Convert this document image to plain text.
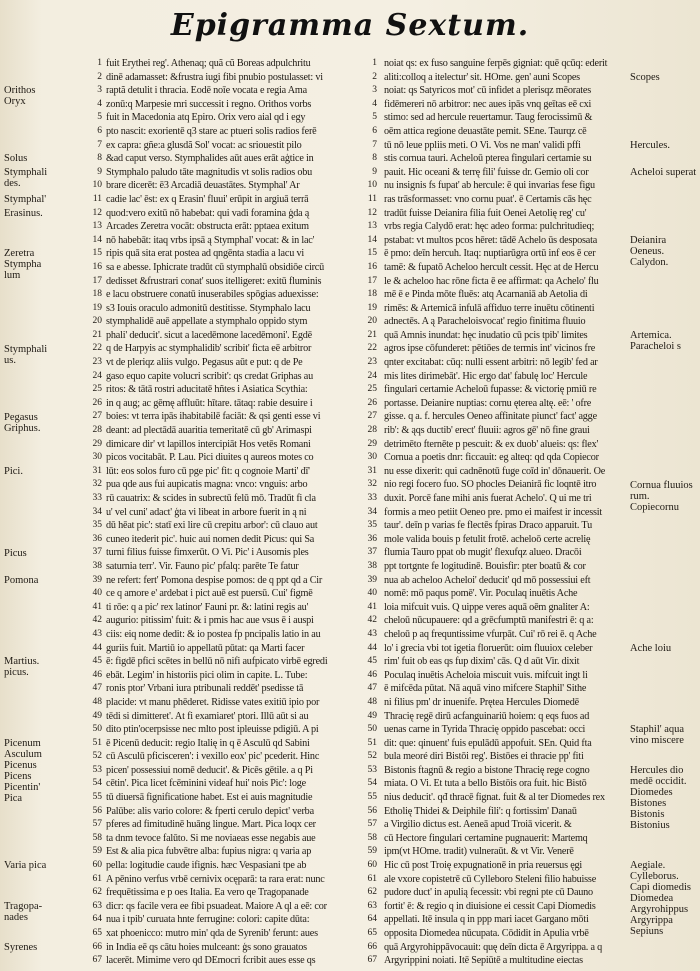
Epigramma Sextum.
Orithos
Oryx
Solus
Stymphali
des.
Stymphal'
Erasinus.
Zeretra
Stympha
lum
Stymphali
us.
Pegasus
Griphus.
Pici.
Picus
Pomona
Martius.
picus.
Picenum
Asculum
Picenus
Picens
Picentin'
Pica
Varia pica
Tragopa-
nades
Syrenes
1
2
3
4
5
6
7
8
9
10
11
12
13
14
15
16
17
18
19
20
21
22
23
24
25
26
27
28
29
30
31
32
33
34
35
36
37
38
39
40
41
42
43
44
45
46
47
48
49
50
51
52
53
54
55
56
57
58
59
60
61
62
63
64
65
66
67
fuit Erythei reg'. Athenaq; quã cũ Boreas adpulchritu
dinē adamasset: &frustra iugi fibi pnubio postulasset: vi
raptã detulit i thracia. Eodē noīe vocata e regia Ama
zonū:q Marpesie mri successit i regno. Orithos vorbs
fuit in Macedonia atq Epiro. Orix vero aial qd i egy
pto nascit: exorientē q3 stare ac ptueri solis radios ferē
ex capra: gñe:a glusdã Sol' vocat: ac sriouestit pilo
&ad caput verso. Stymphalides aūt aues erāt aģtice in
Stymphalo paludo tāte magnitudis vt solis radios obu
brare dicerēt: ē3 Arcadiā deuastātes. Stymphal' Ar
cadie lac' ēst: ex q Erasin' fluui' erūpit in argiuā terrā
quod:vero exitū nō habebat: qui vadi foramina ģda ą
Arcades Zeretra vocāt: obstructa erāt: pptaea exitum
nō habebāt: itaq vrbs ipsā ą Stymphal' vocat: & in lac'
ripis quā sita erat postea ad qngēnta stadia a lacu vi
sa e abesse. Iphicrate tradūt cū stymphalū obsidiōe circū
dedisset &frustrari conat' suos itelligeret: exitū fluminis
e lacu obstruere conatū inuserabiles spōgias aduexisse:
s3 Iouis oraculo admonitū destitisse. Stymphalo lacu
stymphalidē auē appellate a stymphalo oppido stym
phali' deducit'. sicut a lacedēmone lacedēmoni'. Egdē
q de Harpyis ac stymphalidib' scribit' ficta eē arbitror
vt de pleriqz aliis vulgo. Pegasus aūt e put: q de Pe
gaso equo capite volucri scribit': qs credat Griphas au
ritos: & tātā rostri aducitatē hñtes i Asiatica Scythia:
in q aug; ac gēmę affluūt: hītare. tātaq: rabie desuire i
boies: vt terra ipās ihabitabilē faciāt: & qsi genti esse vi
deant: ad plectādā auaritia temeritatē cū gb' Arimaspi
dimicare dir' vt lapillos intercipiāt Hos vetēs Romani
picos vocitabāt. P. Lau. Pici diuites q aureos motes co
lūt: eos solos furo cū pge pic' fit: q cognoie Marti' dī'
pua qde aus fui aupicatis magna: vnco: vnguis: arbo
rū cauatrix: & scides in subrectū felū mō. Tradūt fi cla
u' vel cuni' adact' ģta vi libeat in arbore fuerit in ą ni
dū hēat pic': statī exi lire cū crepitu arbor': cū clauo aut
cuneo itederit pic'. huic aui nomen dedit Picus: qui Sa
turni filius fuisse fimxerūt. O Vi. Pic' i Ausomis ples
saturnia terr'. Vir. Fauno pic' pfalq: parēte Te fatur
ne refert: fert' Pomona despise pomos: de q ppt qd a Cir
ce q amore e' ardebat i pict auē est puersū. Cui' figmē
ti rōe: q a pic' rex latinor' Fauni pr. &: latini regis au'
augurio: pitissim' fuit: & i pmis hac aue vsus ē i auspi
ciis: eiq nome dedit: & io postea fp pncipalis latio in au
guriis fuit. Martiū io appellatū pūtat: qa Marti facer
ē: figdē pfici scētes in bellū nō nifi aufpicato virbē egredi
ebāt. Legim' in historiis pici olim in capite. L. Tube:
ronis ptor' Vrbani iura ptribunali reddēt' psedisse tā
placide: vt manu phēderet. Ridisse vates exitiū ipio por
tēdi si dimitteret'. At fi examiaret' ptori. Illū aūt si au
dito ptin'ocerpsisse nec mlto post ipleuisse pdigiū. A pi
ē Picenū deducit: regio Italię in q ē Asculū qd Sabini
cū Asculū pficisceren': i vexillo eox' pic' pcederit. Hinc
picen' possessiui nomē deducit'. & Picēs gētile. a q Pi
cētin'. Pica licet fcēminini videaf hui' nois Pic': loge
tū diuersā fignificatione habet. Est ei auis magnitudie
Palūbe: alis vario colore: & fperti cerulo depict' verba
pferes ad fimitudinē huāng lingue. Mart. Pica loqx cer
ta dnm tevoce falūto. Si me noviaeas esse negabis aue
Est & alia pica fubvētre alba: fupius nigra: q varia ap
pella: logitudie caude ifignis. hæc Vespasiani tpe ab
A pēnino verfus vrbē cernivix ocęparā: ta rara erat: nunc
frequētissima e p oes Italia. Ea vero qe Tragopanade
dicr: qs facile vera ee fibi psuadeat. Maiore A ql a eē: cor
nua i tpib' curuata hnte ferrugine: colori: capite dūta:
xat phoenicco: mutro min' qda de Syrenib' ferunt: aues
in India eē qs cātu hoies mulceant: ģs sono grauatos
lacerēt. Mimime vero qd DEmocri fcribit aues esse qs
1
2
3
4
5
6
7
8
9
10
11
12
13
14
15
16
17
18
19
20
21
22
23
24
25
26
27
28
29
30
31
32
33
34
35
36
37
38
39
40
41
42
43
44
45
46
47
48
49
50
51
52
53
54
55
56
57
58
59
60
61
62
63
64
65
66
67
noiat qs: ex fuso sanguine ferpēs gigniat: quē qcūq: ederit
aliti:colloq a itelectur' sit. HOme. gen' auni Scopes
noiat: qs Satyricos mot' cū infidet a plerisqz mēorates
fidēmereri nō arbitror: nec aues ipās vnq geītas eē cxi
stimo: sed ad hercule reuertamur. Taug ferocissimū &
oēm attica regione deuastāte pemit. SEne. Taurqz cē
tū nō leue ppliis meti. O Vi. Vos ne man' validi pffi
stis cornua tauri. Acheloū pterea fingulari certamie su
pauit. Hic oceani & terrę fili' fuisse dr. Gemio oli cor
nu insignis fs fupat' ab hercule: ē qui invarias fese figu
ras trāsformasset: vno cornu puat'. ē Certamis cās hęc
tradūt fuisse Deianira filia fuit Oenei Aetolię reg' cu'
vrbs regia Calydō erat: hęc adeo forma: pulchritudieq;
pstabat: vt multos pcos hēret: tādē Achelo ūs desposata
ē pmo: deīn hercuh. Itaq: nuptiarūgra ortū inf eos ē cer
tamē: & fupatō Acheloo hercult cessit. Hęc at de Hercu
le & acheloo hac rōne ficta ē ee affirmat: qa Achelo' flu
mē ē e Pinda mōte fluēs: atq Acarnaniā ab Aetolia di
rimēs: & Artemicā infulā affiduo terre inuētu cōtinenti
adnectēs. A ą Paracheloisvocat' regio finitima fluuio
quā Amnis inundat: hęc inudatio cū pcis tpib' limites
agros ipse cōfunderet: pētiōes de termis int' vicinos fre
qnter excitabat: cūq: nulli essent arbitri: nō legib' fed ar
mis lites dirimebāt'. Hic ergo dat' fabulę loc' Hercule
fingulari certamie Acheloū fupasse: & victorię pmiū re
portasse. Deianire nuptias: cornu ęterea altę. eē: ' ofre
gisse. q a. f. hercules Oeneo affinitate piunct' fact' agge
rib': & ąqs ductib' erect' fluuii: agros gē' nō fine graui
detrimēto fternēte p pescuit: & ex duob' alueis: qs: flex'
Cornua a poetis dnr: ficcauit: eg alteq: qd qda Copiecor
nu esse dixerit: qui cadnēnotū fuge coīd in' dōnauerit. Oe
nio regi focero fuo. SO phocles Deianirā fic loqntē itro
duxit. Porcē fane mihi anis fuerat Achelo'. Q ui me tri
formis a meo petiit Oeneo pre. pmo ei maifest ir incessit
taur'. deīn p varias fe flectēs fpiras Draco apparuit. Tu
mole valida bouis p fetulit frotē. acheloō certe acrelię
flumia Tauro ppat ob mugit' flexufqz alueo. Dracōi
ppt tortgnte fe logitudinē. Bouisfir: pter boatū & cor
nua ab acheloo Acheloi' deducit' qd mō possessiui eft
nomē: mō paqus pomē'. Vir. Poculaq inuētis Ache
loia mifcuit vuis. Q uippe veres aquā oēm gnaliter A:
cheloū nūcupauere: qd a grēcfumptū manifestri ē: q a:
cheloū p aq frequntissime vfurpāt. Cui' rō rei ē. q Ache
lo' i grecia vbi tot igetia floruerūt: oim fluuiox celeber
rim' fuit ob eas qs fup dixim' cās. Q d aūt Vir. dixit
Poculaq inuētis Acheloia miscuit vuis. mifcuit ingt li
ē mifcēda pūtat. Nā aquā vino mifcere Staphil' Sithe
ni filius pm' dr inuenife. Prętea Hercules Diomedē
Thracię regē dirū acfanguinariū hoiem: q eqs fuos ad
uenas carne in Tyrida Thracię oppido pascebat: occi
dit: que: qinuent' fuis epulādū appofuit. SEn. Quid fta
bula meoré diri Bistōi reg'. Bistōes ei thracie pp' fiti
Bistonis ftagnū & regio a bistone Thracię rege cogno
miata. O Vi. Et tuta a bello Bistōis ora fuit. hic Bistō
nius deducit'. qđ thracē fignat. fuit & al ter Diomedes rex
Etholię Thidei & Deiphile fili': q fortissim' Danaū
a Virgilio dictus est. Aeneā apud Troiā vicerit. &
cū Hectore fingulari certamine pugnauerit: Martemq
ipm(vt HOme. tradit) vulneraūt. & vt Vir. Venerē
Hic cū post Troię expugnationē in pria reuersus ęgi
ale vxore copistetrē cū Cylleboro Steleni filio habuisse
pudore duct' in apulią fecessit: vbi regni pte cū Dauno
fortit' ē: & regio q in diuisione ei cessit Capi Diomedis
appellati. Itē insula q in ppp mari iacet Gargano mōti
opposita Diomedea nūcupata. Cōdidit in Apulia vrbē
quā Argyrohippāvocauit: quę deīn dicta ē Argyrippa. a q
Argyrippini noiati. Itē Sepiūtē a multitudine eiectas
Scopes
Hercules.
Acheloi superat
Deianira
Oeneus.
Calydon.
Artemica.
Paracheloi s
Cornua fluuios
rum.
Copiecornu
Ache loiu
Staphil' aqua
vino miscere
Hercules dio
medē occidit.
Diomedes
Bistones
Bistonis
Bistonius
Aegiale.
Cylleborus.
Capi diomedis
Diomedea
Argyrohippus
Argyrippa
Sepiuns
